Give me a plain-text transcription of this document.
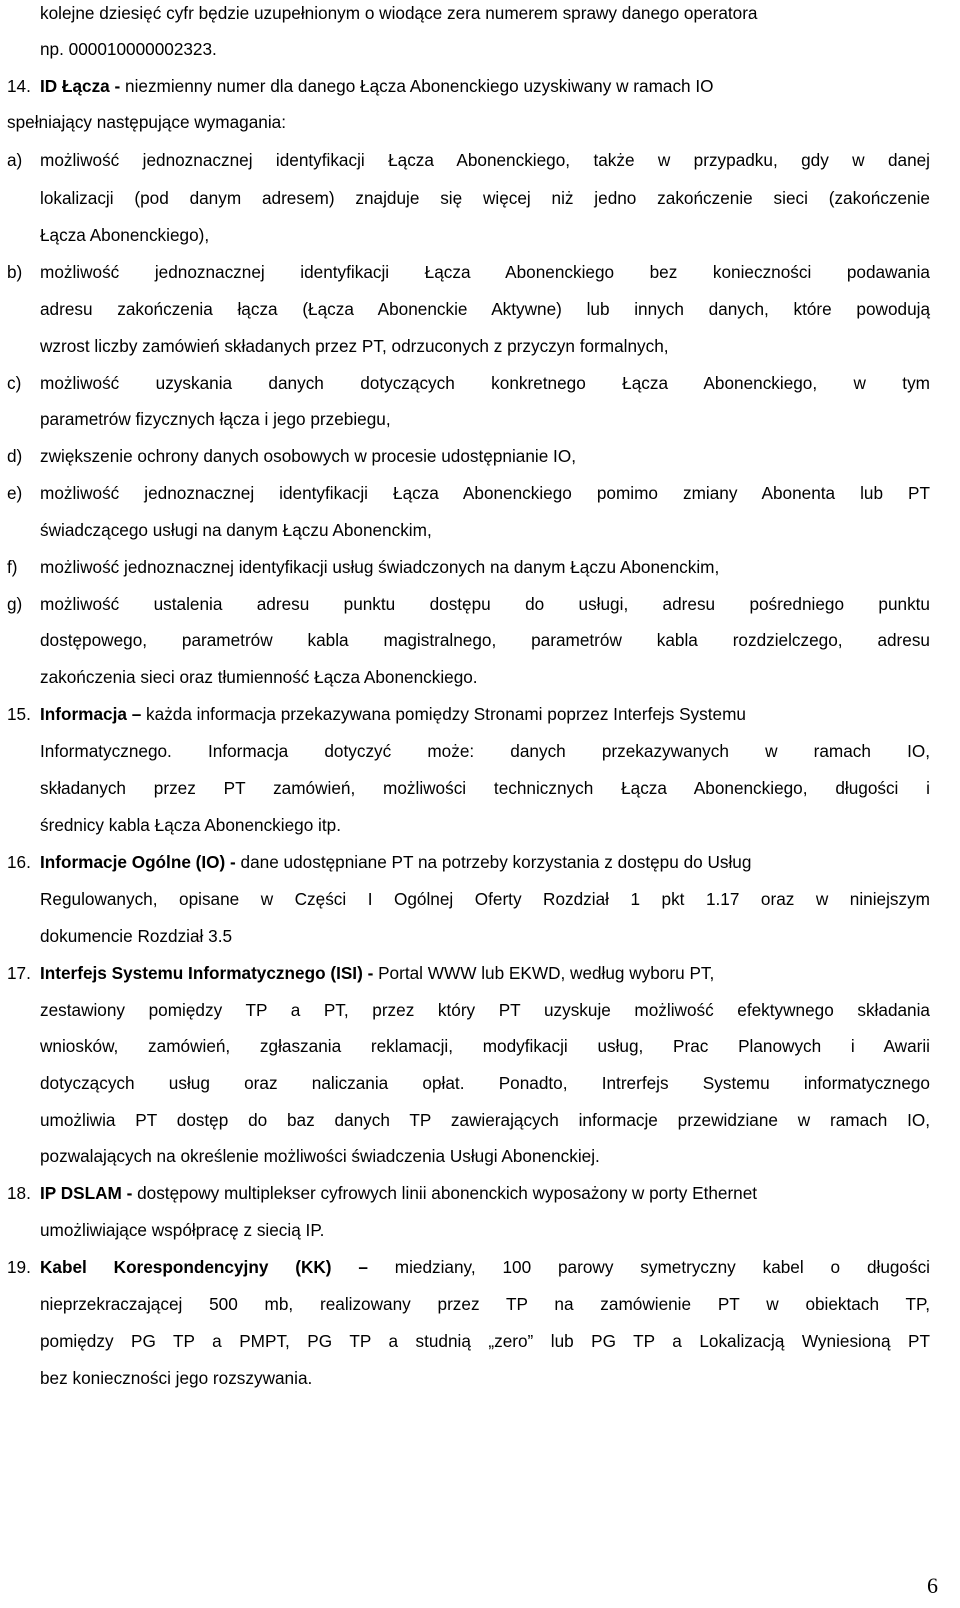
kolejne dziesięć cyfr będzie uzupełnionym o wiodące zera numerem sprawy danego operatora
np. 000010000002323.
14. ID Łącza - niezmienny numer dla danego Łącza Abonenckiego uzyskiwany w ramach IO
spełniający następujące wymagania:
a) możliwość jednoznacznej identyfikacji Łącza Abonenckiego, także w przypadku, gdy w danej
lokalizacji (pod danym adresem) znajduje się więcej niż jedno zakończenie sieci (zakończenie
Łącza Abonenckiego),
b) możliwość jednoznacznej identyfikacji Łącza Abonenckiego bez konieczności podawania
adresu zakończenia łącza (Łącza Abonenckie Aktywne) lub innych danych, które powodują
wzrost liczby zamówień składanych przez PT, odrzuconych z przyczyn formalnych,
c) możliwość uzyskania danych dotyczących konkretnego Łącza Abonenckiego, w tym
parametrów fizycznych łącza i jego przebiegu,
d) zwiększenie ochrony danych osobowych w procesie udostępnianie IO,
e) możliwość jednoznacznej identyfikacji Łącza Abonenckiego pomimo zmiany Abonenta lub PT
świadczącego usługi na danym Łączu Abonenckim,
f) możliwość jednoznacznej identyfikacji usług świadczonych na danym Łączu Abonenckim,
g) możliwość ustalenia adresu punktu dostępu do usługi, adresu pośredniego punktu
dostępowego, parametrów kabla magistralnego, parametrów kabla rozdzielczego, adresu
zakończenia sieci oraz tłumienność Łącza Abonenckiego.
15. Informacja – każda informacja przekazywana pomiędzy Stronami poprzez Interfejs Systemu
Informatycznego. Informacja dotyczyć może: danych przekazywanych w ramach IO,
składanych przez PT zamówień, możliwości technicznych Łącza Abonenckiego, długości i
średnicy kabla Łącza Abonenckiego itp.
16. Informacje Ogólne (IO) - dane udostępniane PT na potrzeby korzystania z dostępu do Usług
Regulowanych, opisane w Części I Ogólnej Oferty Rozdział 1 pkt 1.17 oraz w niniejszym
dokumencie Rozdział 3.5
17. Interfejs Systemu Informatycznego (ISI) - Portal WWW lub EKWD, według wyboru PT,
zestawiony pomiędzy TP a PT, przez który PT uzyskuje możliwość efektywnego składania
wniosków, zamówień, zgłaszania reklamacji, modyfikacji usług, Prac Planowych i Awarii
dotyczących usług oraz naliczania opłat. Ponadto, Intrerfejs Systemu informatycznego
umożliwia PT dostęp do baz danych TP zawierających informacje przewidziane w ramach IO,
pozwalających na określenie możliwości świadczenia Usługi Abonenckiej.
18. IP DSLAM - dostępowy multiplekser cyfrowych linii abonenckich wyposażony w porty Ethernet
umożliwiające współpracę z siecią IP.
19. Kabel Korespondencyjny (KK) – miedziany, 100 parowy symetryczny kabel o długości
nieprzekraczającej 500 mb, realizowany przez TP na zamówienie PT w obiektach TP,
pomiędzy PG TP a PMPT, PG TP a studnią „zero” lub PG TP a Lokalizacją Wyniesioną PT
bez konieczności jego rozszywania.
6
